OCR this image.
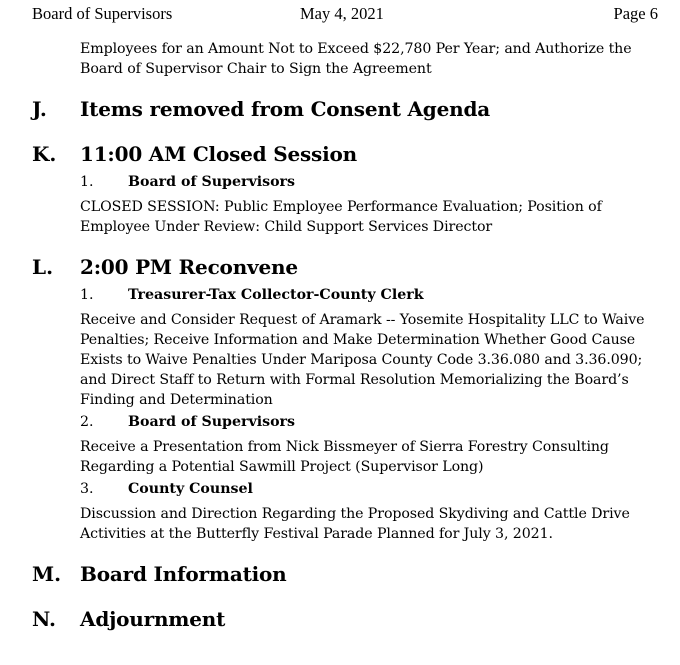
Board of Supervisors	May 4, 2021	Page 6
Employees for an Amount Not to Exceed $22,780 Per Year; and Authorize the Board of Supervisor Chair to Sign the Agreement
J. Items removed from Consent Agenda
K. 11:00 AM Closed Session
1. Board of Supervisors
CLOSED SESSION: Public Employee Performance Evaluation; Position of Employee Under Review: Child Support Services Director
L. 2:00 PM Reconvene
1. Treasurer-Tax Collector-County Clerk
Receive and Consider Request of Aramark -- Yosemite Hospitality LLC to Waive Penalties; Receive Information and Make Determination Whether Good Cause Exists to Waive Penalties Under Mariposa County Code 3.36.080 and 3.36.090; and Direct Staff to Return with Formal Resolution Memorializing the Board’s Finding and Determination
2. Board of Supervisors
Receive a Presentation from Nick Bissmeyer of Sierra Forestry Consulting Regarding a Potential Sawmill Project (Supervisor Long)
3. County Counsel
Discussion and Direction Regarding the Proposed Skydiving and Cattle Drive Activities at the Butterfly Festival Parade Planned for July 3, 2021.
M. Board Information
N. Adjournment
